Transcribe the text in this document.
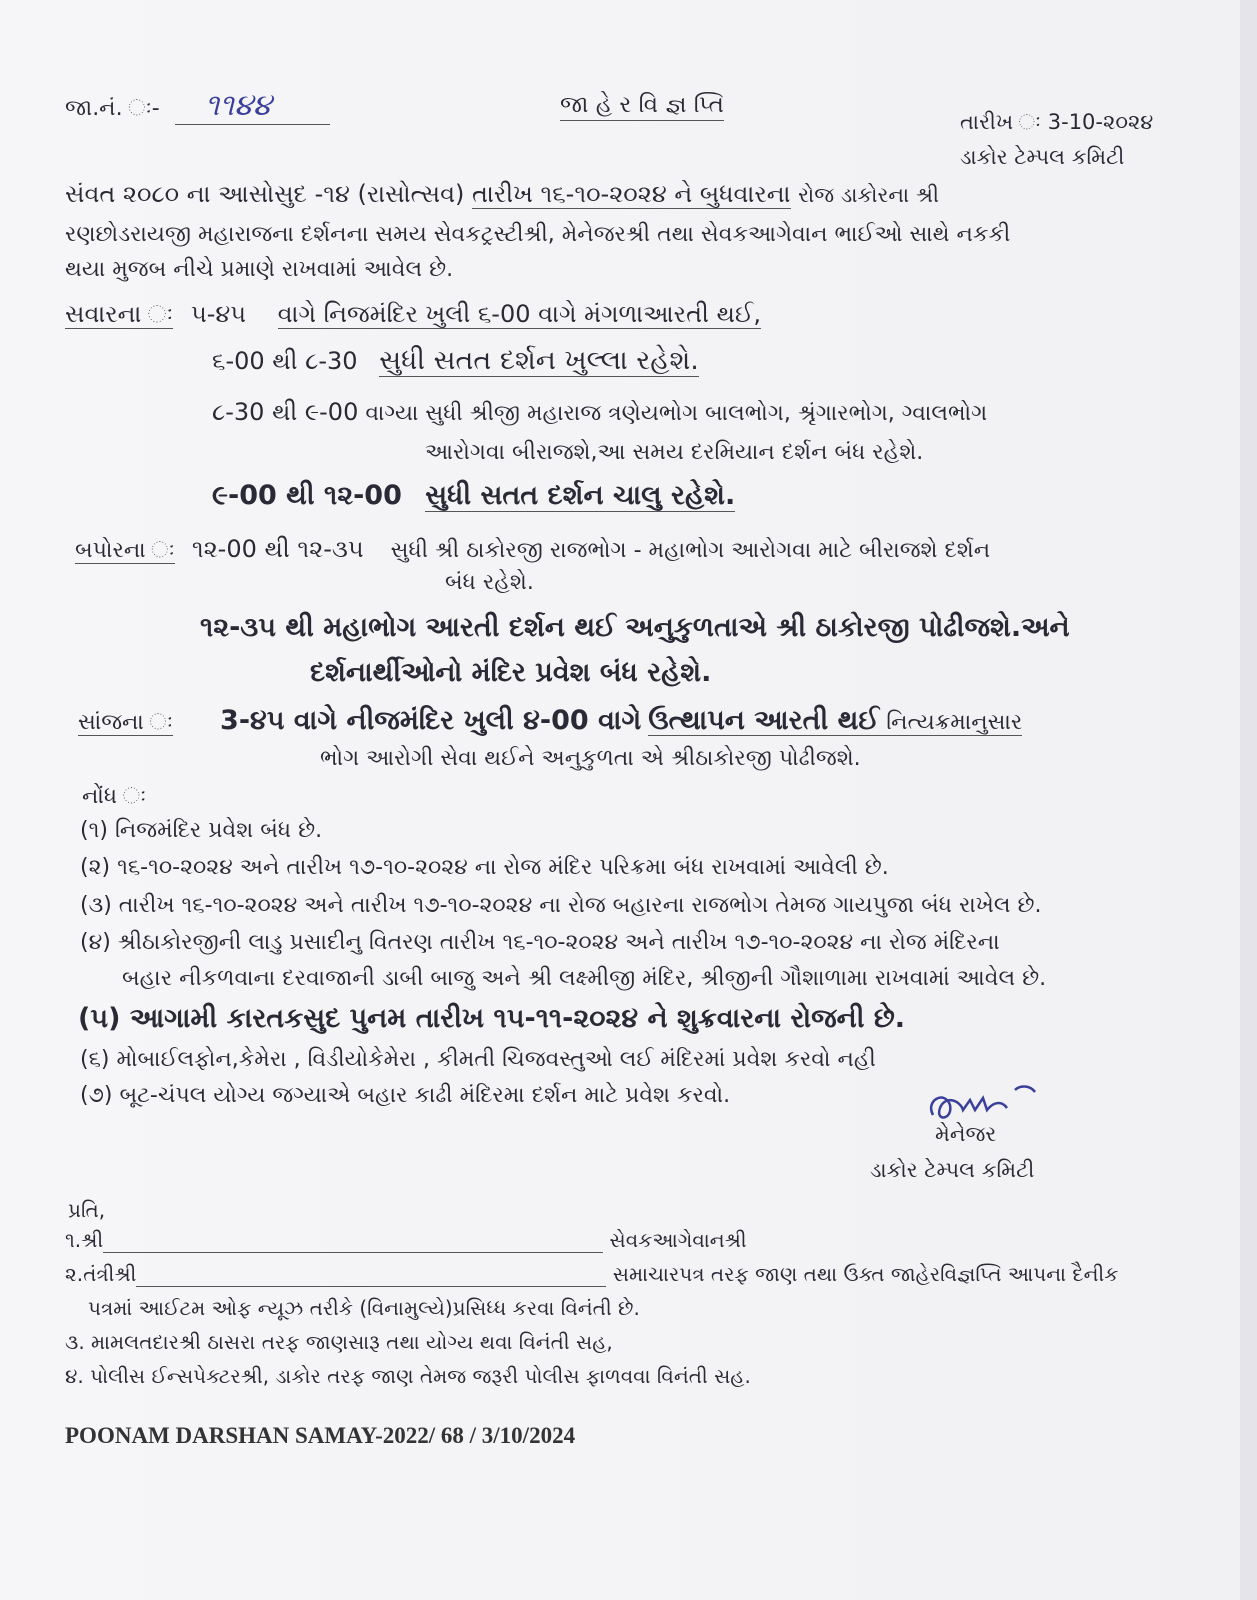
જા.નં. ઃ- ૧૧૪૪	જા હે ર વિ જ્ઞ પ્તિ
તારીખ ઃ 3-10-૨૦૨૪
ડાકોર ટેમ્પલ કમિટી
સંવત ૨૦૮૦ ના આસોસુદ -૧૪ (રાસોત્સવ) તારીખ ૧૬-૧૦-૨૦૨૪ ને બુધવારના રોજ ડાકોરના શ્રી
રણછોડરાયજી મહારાજના દર્શનના સમય સેવકટ્રસ્ટીશ્રી, મેનેજરશ્રી તથા સેવકઆગેવાન ભાઈઓ સાથે નકકી
થયા મુજબ નીચે પ્રમાણે રાખવામાં આવેલ છે.
સવારના ઃ ૫-૪૫ વાગે નિજમંદિર ખુલી ૬-00 વાગે મંગળાઆરતી થઈ,
૬-00 થી ૮-30 સુધી સતત દર્શન ખુલ્લા રહેશે.
૮-30 થી ૯-00 વાગ્યા સુધી શ્રીજી મહારાજ ત્રણેયભોગ બાલભોગ, શ્રૃંગારભોગ, ગ્વાલભોગ
આરોગવા બીરાજશે,આ સમય દરમિયાન દર્શન બંધ રહેશે.
૯-00 થી ૧૨-00 સુધી સતત દર્શન ચાલુ રહેશે.
બપોરના ઃ ૧૨-00 થી ૧૨-૩૫ સુધી શ્રી ઠાકોરજી રાજભોગ - મહાભોગ આરોગવા માટે બીરાજશે દર્શન
બંધ રહેશે.
૧૨-૩૫ થી મહાભોગ આરતી દર્શન થઈ અનુકુળતાએ શ્રી ઠાકોરજી પોઢીજશે.અને
દર્શનાર્થીઓનો મંદિર પ્રવેશ બંધ રહેશે.
સાંજના ઃ 3-૪૫ વાગે નીજમંદિર ખુલી ૪-00 વાગે ઉત્થાપન આરતી થઈ નિત્યક્રમાનુસાર
ભોગ આરોગી સેવા થઈને અનુકુળતા એ શ્રીઠાકોરજી પોઢીજશે.
નોંધ ઃ
(૧) નિજમંદિર પ્રવેશ બંધ છે.
(૨) ૧૬-૧૦-૨૦૨૪ અને તારીખ ૧૭-૧૦-૨૦૨૪ ના રોજ મંદિર પરિક્રમા બંધ રાખવામાં આવેલી છે.
(૩) તારીખ ૧૬-૧૦-૨૦૨૪ અને તારીખ ૧૭-૧૦-૨૦૨૪ ના રોજ બહારના રાજભોગ તેમજ ગાયપુજા બંધ રાખેલ છે.
(૪) શ્રીઠાકોરજીની લાડુ પ્રસાદીનુ વિતરણ તારીખ ૧૬-૧૦-૨૦૨૪ અને તારીખ ૧૭-૧૦-૨૦૨૪ ના રોજ મંદિરના
બહાર નીકળવાના દરવાજાની ડાબી બાજુ અને શ્રી લક્ષ્મીજી મંદિર, શ્રીજીની ગૌશાળામા રાખવામાં આવેલ છે.
(૫) આગામી કારતકસુદ પુનમ તારીખ ૧૫-૧૧-૨૦૨૪ ને શુક્રવારના રોજની છે.
(૬) મોબાઈલફોન,કેમેરા , વિડીયોકેમેરા , કીમતી ચિજવસ્તુઓ લઈ મંદિરમાં પ્રવેશ કરવો નહી
(૭) બૂટ-ચંપલ યોગ્ય જગ્યાએ બહાર કાઢી મંદિરમા દર્શન માટે પ્રવેશ કરવો.
મેનેજર
ડાકોર ટેમ્પલ કમિટી
પ્રતિ,
૧.શ્રી	સેવકઆગેવાનશ્રી
૨.તંત્રીશ્રી	સમાચારપત્ર તરફ જાણ તથા ઉક્ત જાહેરવિજ્ઞપ્તિ આપના દૈનીક
પત્રમાં આઈટમ ઓફ ન્યૂઝ તરીકે (વિનામુલ્યે)પ્રસિધ્ધ કરવા વિનંતી છે.
૩. મામલતદારશ્રી ઠાસરા તરફ જાણસારૂ તથા યોગ્ય થવા વિનંતી સહ,
૪. પોલીસ ઈન્સપેક્ટરશ્રી, ડાકોર તરફ જાણ તેમજ જરૂરી પોલીસ ફાળવવા વિનંતી સહ.
POONAM DARSHAN SAMAY-2022/ 68 / 3/10/2024
